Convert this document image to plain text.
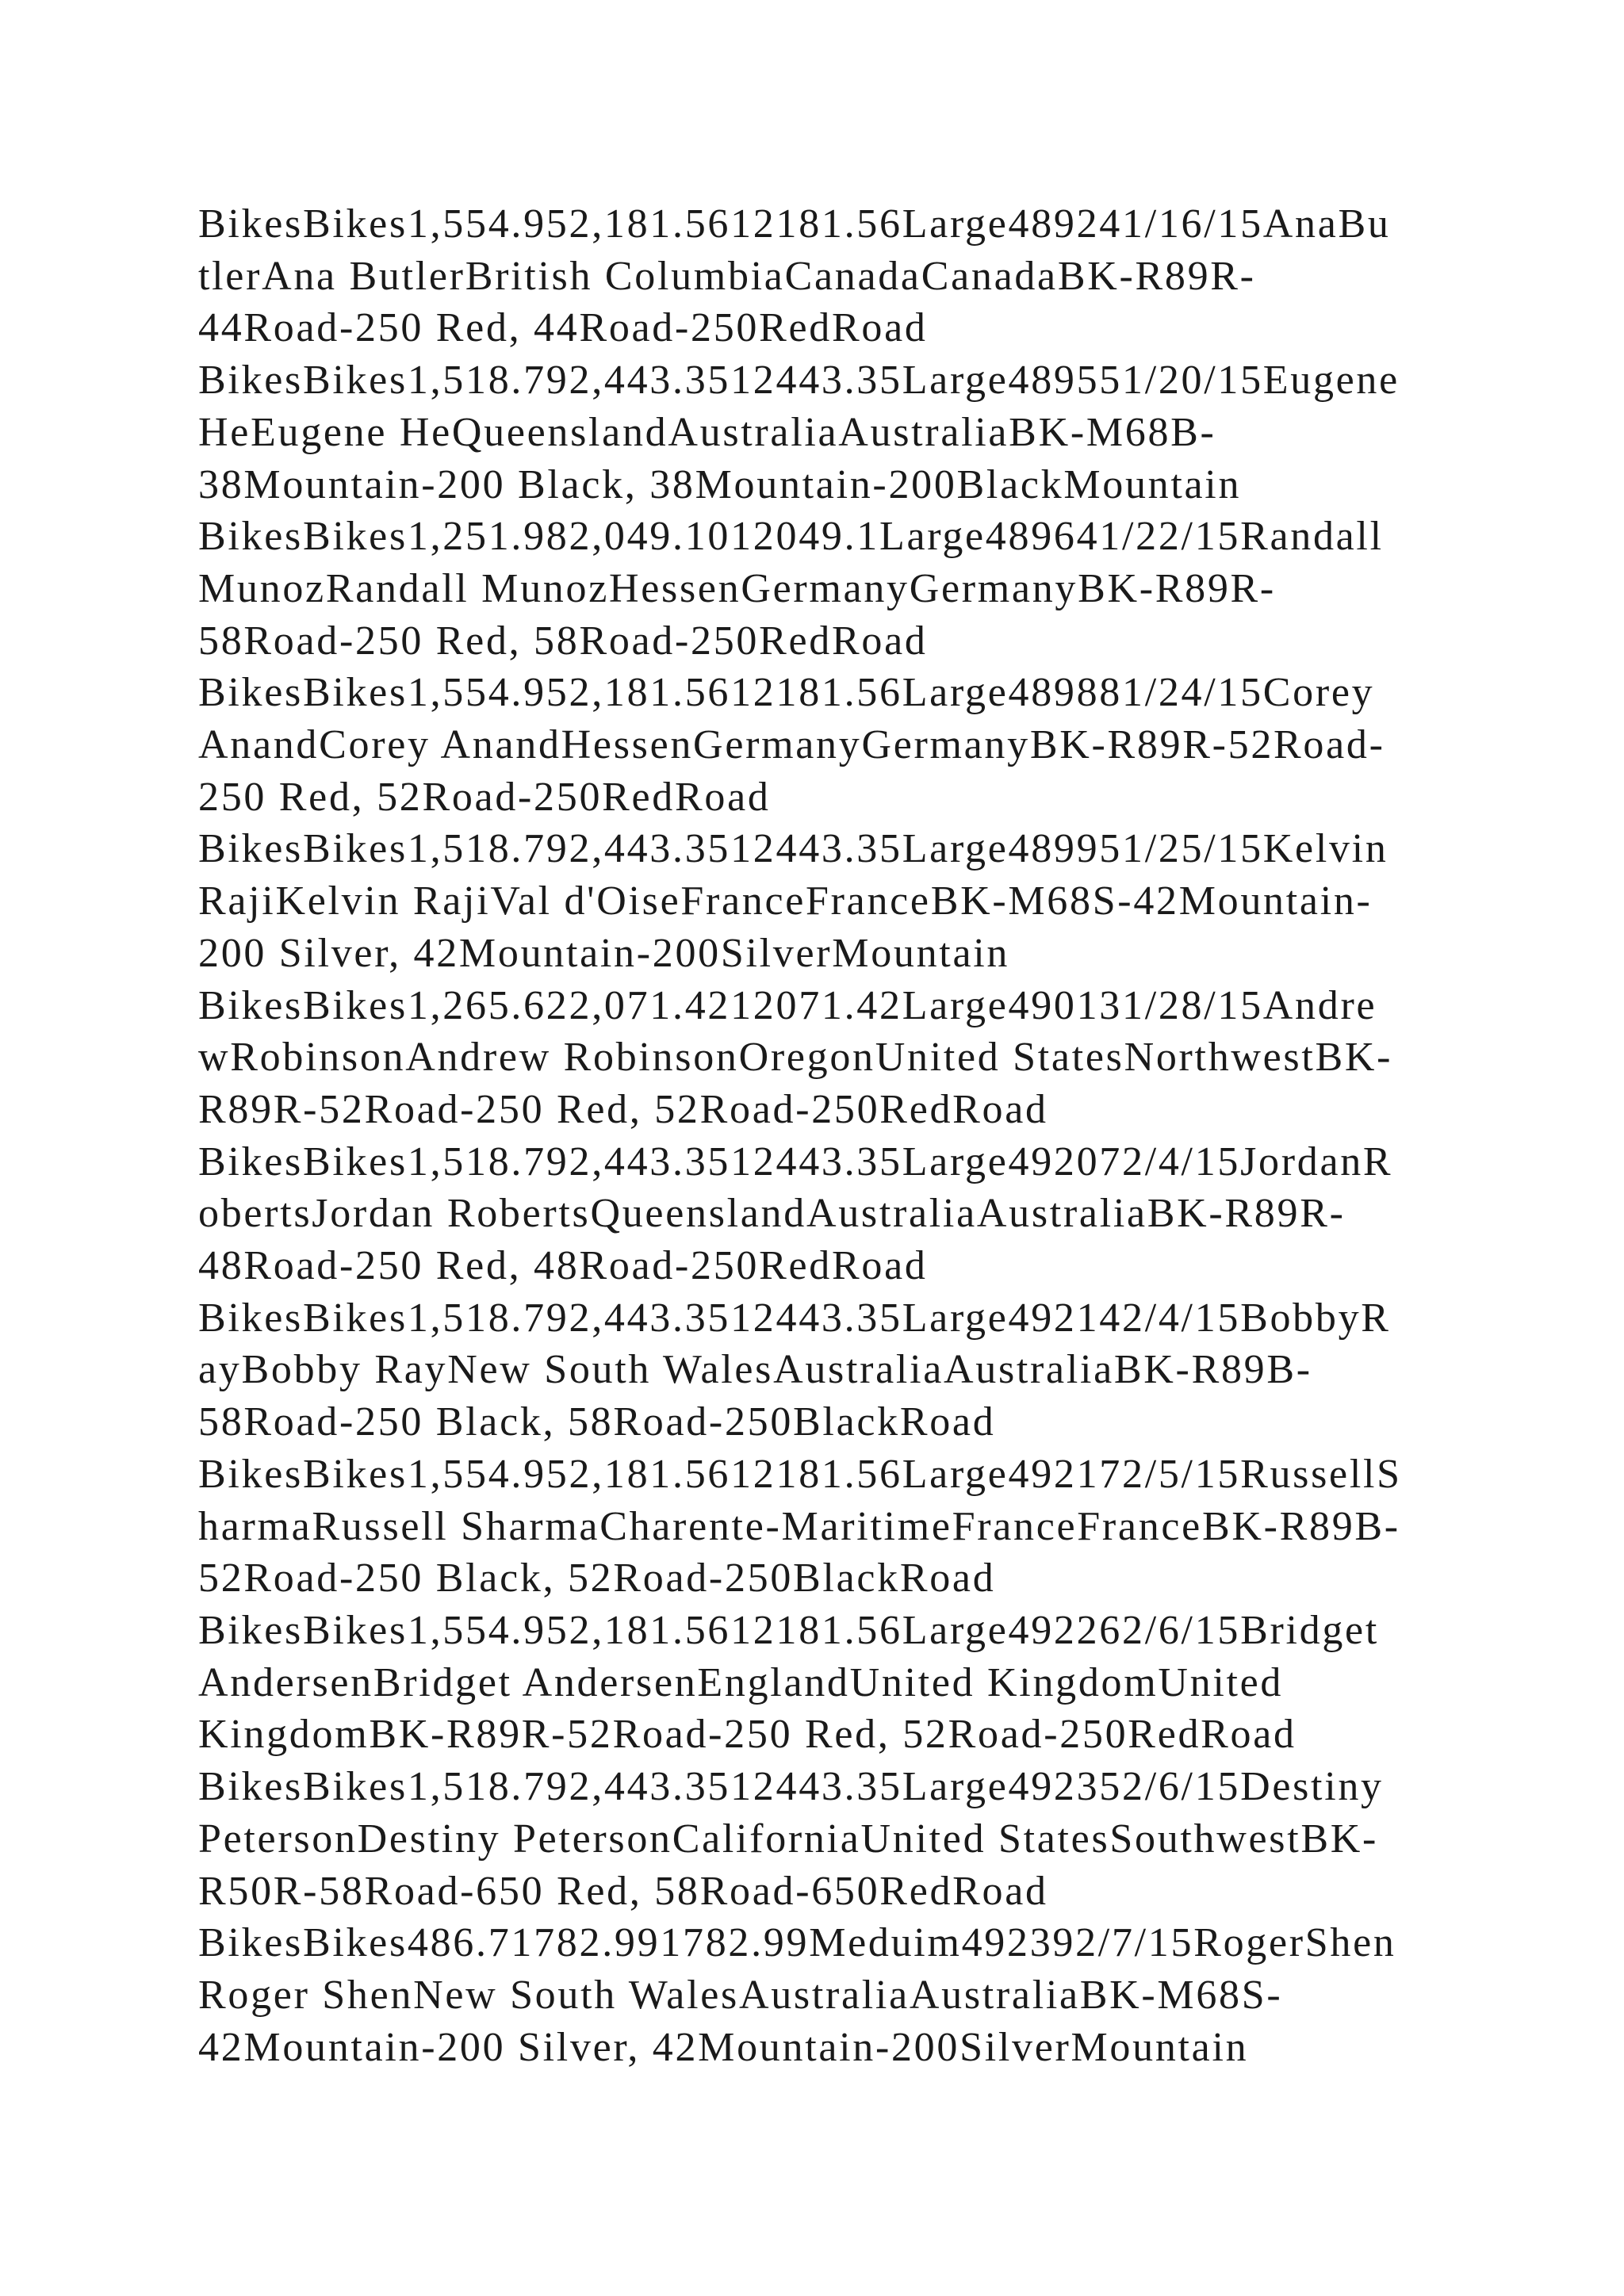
BikesBikes1,554.952,181.5612181.56Large489241/16/15AnaBu
tlerAna ButlerBritish ColumbiaCanadaCanadaBK-R89R-
44Road-250 Red, 44Road-250RedRoad
BikesBikes1,518.792,443.3512443.35Large489551/20/15Eugene
HeEugene HeQueenslandAustraliaAustraliaBK-M68B-
38Mountain-200 Black, 38Mountain-200BlackMountain
BikesBikes1,251.982,049.1012049.1Large489641/22/15Randall
MunozRandall MunozHessenGermanyGermanyBK-R89R-
58Road-250 Red, 58Road-250RedRoad
BikesBikes1,554.952,181.5612181.56Large489881/24/15Corey
AnandCorey AnandHessenGermanyGermanyBK-R89R-52Road-
250 Red, 52Road-250RedRoad
BikesBikes1,518.792,443.3512443.35Large489951/25/15Kelvin
RajiKelvin RajiVal d'OiseFranceFranceBK-M68S-42Mountain-
200 Silver, 42Mountain-200SilverMountain
BikesBikes1,265.622,071.4212071.42Large490131/28/15Andre
wRobinsonAndrew RobinsonOregonUnited StatesNorthwestBK-
R89R-52Road-250 Red, 52Road-250RedRoad
BikesBikes1,518.792,443.3512443.35Large492072/4/15JordanR
obertsJordan RobertsQueenslandAustraliaAustraliaBK-R89R-
48Road-250 Red, 48Road-250RedRoad
BikesBikes1,518.792,443.3512443.35Large492142/4/15BobbyR
ayBobby RayNew South WalesAustraliaAustraliaBK-R89B-
58Road-250 Black, 58Road-250BlackRoad
BikesBikes1,554.952,181.5612181.56Large492172/5/15RussellS
harmaRussell SharmaCharente-MaritimeFranceFranceBK-R89B-
52Road-250 Black, 52Road-250BlackRoad
BikesBikes1,554.952,181.5612181.56Large492262/6/15Bridget
AndersenBridget AndersenEnglandUnited KingdomUnited
KingdomBK-R89R-52Road-250 Red, 52Road-250RedRoad
BikesBikes1,518.792,443.3512443.35Large492352/6/15Destiny
PetersonDestiny PetersonCaliforniaUnited StatesSouthwestBK-
R50R-58Road-650 Red, 58Road-650RedRoad
BikesBikes486.71782.991782.99Meduim492392/7/15RogerShen
Roger ShenNew South WalesAustraliaAustraliaBK-M68S-
42Mountain-200 Silver, 42Mountain-200SilverMountain
